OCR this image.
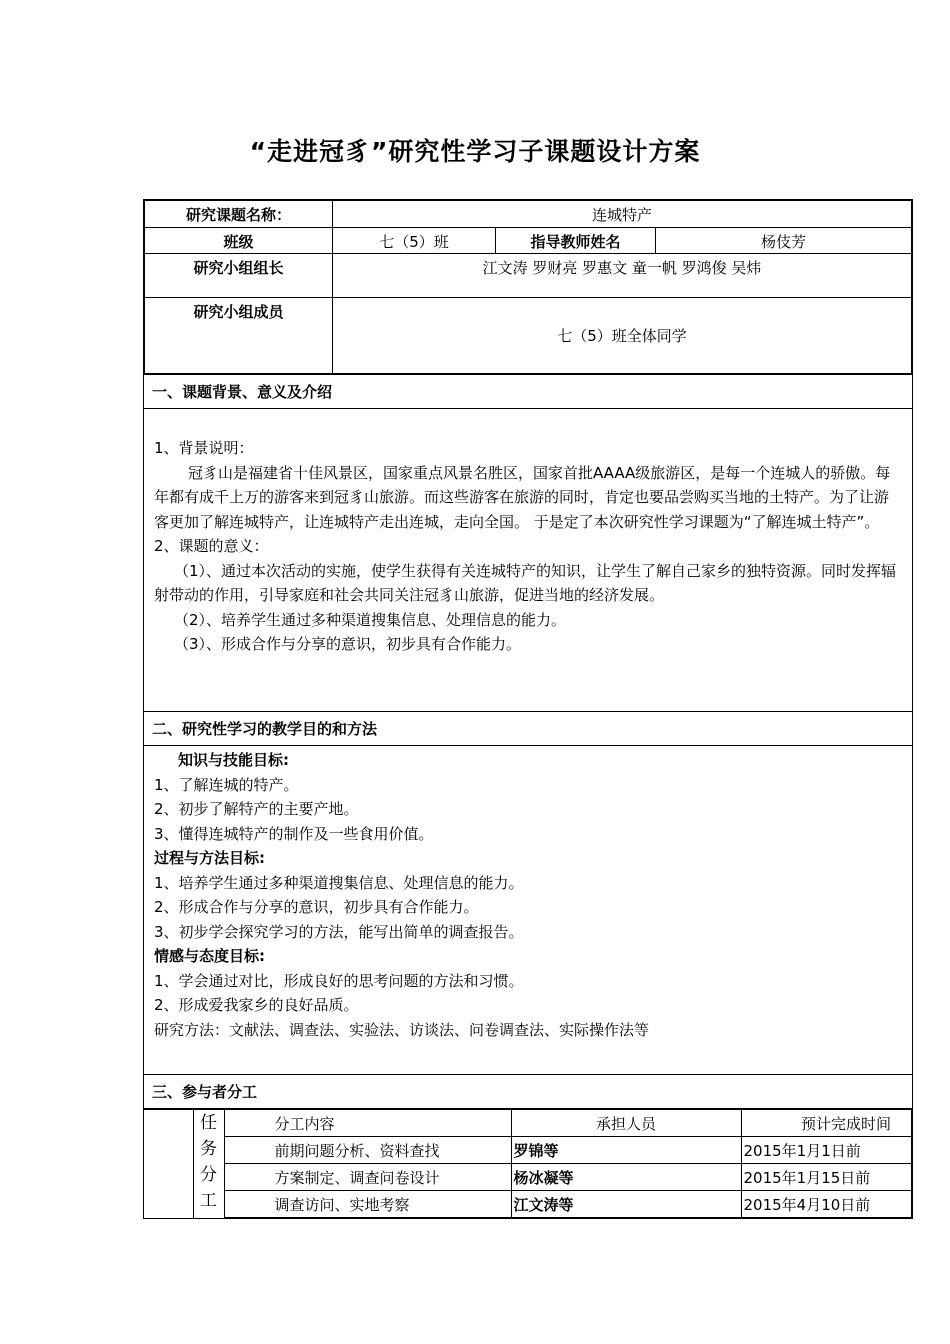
“走进冠豸”研究性学习子课题设计方案
研究课题名称：	连城特产		
班级	七（5）班	指导教师姓名	杨伎芳
研究小组组长	江文涛 罗财亮 罗惠文 童一帆 罗鸿俊 吴炜		
研究小组成员	七（5）班全体同学		
一、课题背景、意义及介绍
1、背景说明：
冠豸山是福建省十佳风景区，国家重点风景名胜区，国家首批AAAA级旅游区，是每一个连城人的骄傲。每年都有成千上万的游客来到冠豸山旅游。而这些游客在旅游的同时，肯定也要品尝购买当地的土特产。为了让游客更加了解连城特产，让连城特产走出连城，走向全国。 于是定了本次研究性学习课题为“了解连城土特产”。
2、课题的意义：
（1）、通过本次活动的实施，使学生获得有关连城特产的知识，让学生了解自己家乡的独特资源。同时发挥辐射带动的作用，引导家庭和社会共同关注冠豸山旅游，促进当地的经济发展。
（2）、培养学生通过多种渠道搜集信息、处理信息的能力。
（3）、形成合作与分享的意识，初步具有合作能力。
二、研究性学习的教学目的和方法
知识与技能目标:
1、了解连城的特产。
2、初步了解特产的主要产地。
3、懂得连城特产的制作及一些食用价值。
过程与方法目标:
1、培养学生通过多种渠道搜集信息、处理信息的能力。
2、形成合作与分享的意识，初步具有合作能力。
3、初步学会探究学习的方法，能写出简单的调查报告。
情感与态度目标:
1、学会通过对比，形成良好的思考问题的方法和习惯。
2、形成爱我家乡的良好品质。
研究方法：文献法、调查法、实验法、访谈法、问卷调查法、实际操作法等
三、参与者分工
任
务
分
工	分工内容	承担人员	预计完成时间
	前期问题分析、资料查找	罗锦等	2015年1月1日前
	方案制定、调查问卷设计	杨冰凝等	2015年1月15日前
	调查访问、实地考察	江文涛等	2015年4月10日前
